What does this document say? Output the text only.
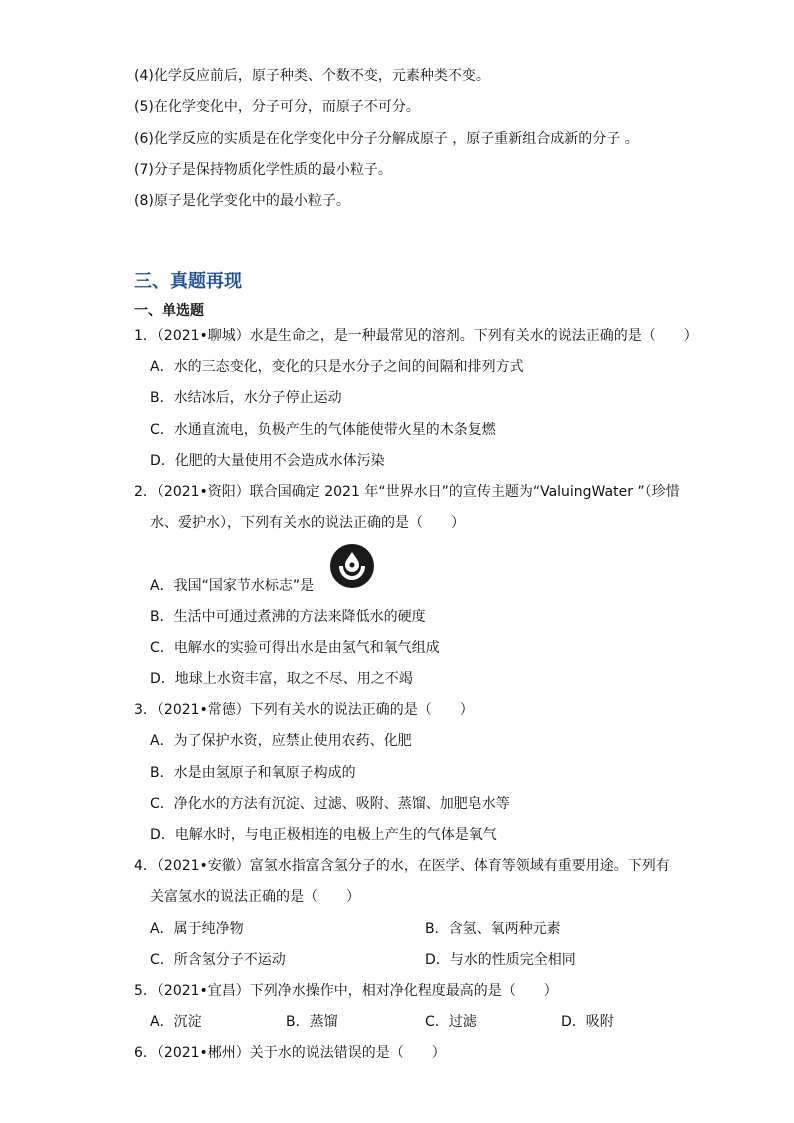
(4)化学反应前后，原子种类、个数不变，元素种类不变。
(5)在化学变化中，分子可分，而原子不可分。
(6)化学反应的实质是在化学变化中分子分解成原子 ，原子重新组合成新的分子 。
(7)分子是保持物质化学性质的最小粒子。
(8)原子是化学变化中的最小粒子。
三、真题再现
一、单选题
1．（2021•聊城）水是生命之，是一种最常见的溶剂。下列有关水的说法正确的是（　　）
A．水的三态变化，变化的只是水分子之间的间隔和排列方式
B．水结冰后，水分子停止运动
C．水通直流电，负极产生的气体能使带火星的木条复燃
D．化肥的大量使用不会造成水体污染
2．（2021•资阳）联合国确定 2021 年“世界水日”的宣传主题为“ValuingWater ”（珍惜
水、爱护水），下列有关水的说法正确的是（　　）
A．我国“国家节水标志”是
B．生活中可通过煮沸的方法来降低水的硬度
C．电解水的实验可得出水是由氢气和氧气组成
D．地球上水资丰富，取之不尽、用之不竭
3．（2021•常德）下列有关水的说法正确的是（　　）
A．为了保护水资，应禁止使用农药、化肥
B．水是由氢原子和氧原子构成的
C．净化水的方法有沉淀、过滤、吸附、蒸馏、加肥皂水等
D．电解水时，与电正极相连的电极上产生的气体是氧气
4．（2021•安徽）富氢水指富含氢分子的水，在医学、体育等领域有重要用途。下列有
关富氢水的说法正确的是（　　）
A．属于纯净物	B．含氢、氧两种元素
C．所含氢分子不运动	D．与水的性质完全相同
5．（2021•宜昌）下列净水操作中，相对净化程度最高的是（　　）
A．沉淀	B．蒸馏	C．过滤	D．吸附
6．（2021•郴州）关于水的说法错误的是（　　）
